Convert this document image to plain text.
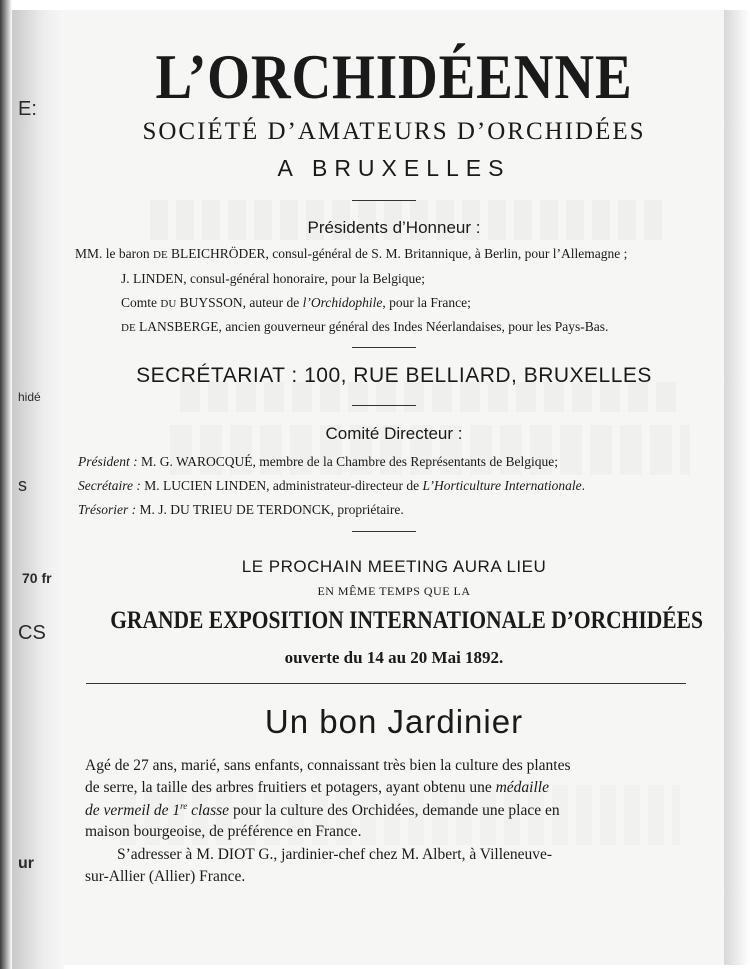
E:
hidé
s
70 fr
CS
ur
L’ORCHIDÉENNE
SOCIÉTÉ D’AMATEURS D’ORCHIDÉES
A BRUXELLES
Présidents d’Honneur :
MM. le baron DE BLEICHRÖDER, consul-général de S. M. Britannique, à Berlin, pour l’Allemagne ;
J. LINDEN, consul-général honoraire, pour la Belgique;
Comte DU BUYSSON, auteur de l’Orchidophile, pour la France;
DE LANSBERGE, ancien gouverneur général des Indes Néerlandaises, pour les Pays-Bas.
SECRÉTARIAT : 100, RUE BELLIARD, BRUXELLES
Comité Directeur :
Président : M. G. WAROCQUÉ, membre de la Chambre des Représentants de Belgique;
Secrétaire : M. LUCIEN LINDEN, administrateur-directeur de L’Horticulture Internationale.
Trésorier : M. J. DU TRIEU DE TERDONCK, propriétaire.
LE PROCHAIN MEETING AURA LIEU
EN MÊME TEMPS QUE LA
GRANDE EXPOSITION INTERNATIONALE D’ORCHIDÉES
ouverte du 14 au 20 Mai 1892.
Un bon Jardinier
Agé de 27 ans, marié, sans enfants, connaissant très bien la culture des plantes
de serre, la taille des arbres fruitiers et potagers, ayant obtenu une médaille
de vermeil de 1re classe pour la culture des Orchidées, demande une place en
maison bourgeoise, de préférence en France.
S’adresser à M. DIOT G., jardinier-chef chez M. Albert, à Villeneuve-
sur-Allier (Allier) France.
